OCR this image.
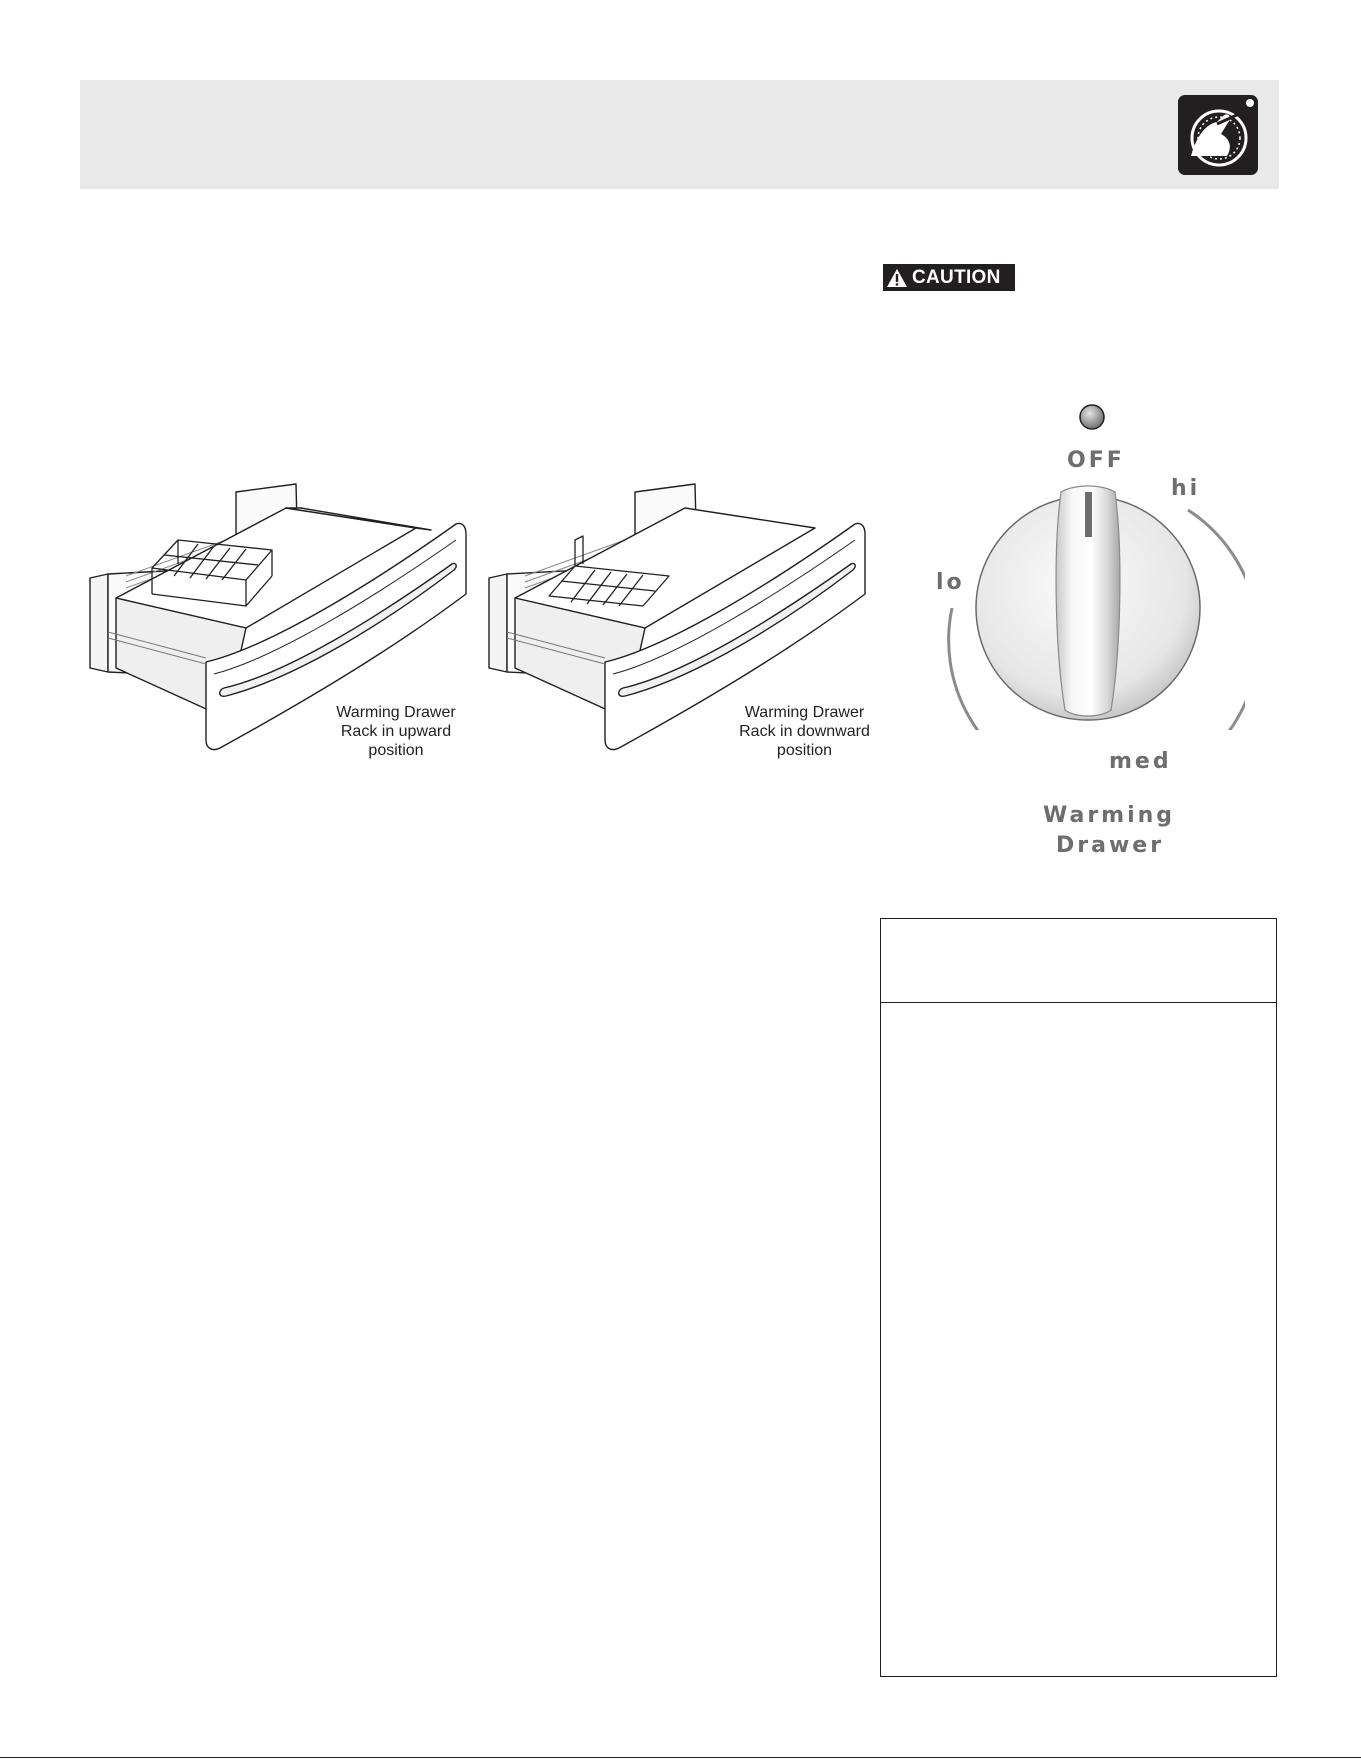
CAUTION
Warming Drawer
Rack in upward
position
Warming Drawer
Rack in downward
position
OFF
hi
lo
med
Warming
Drawer
